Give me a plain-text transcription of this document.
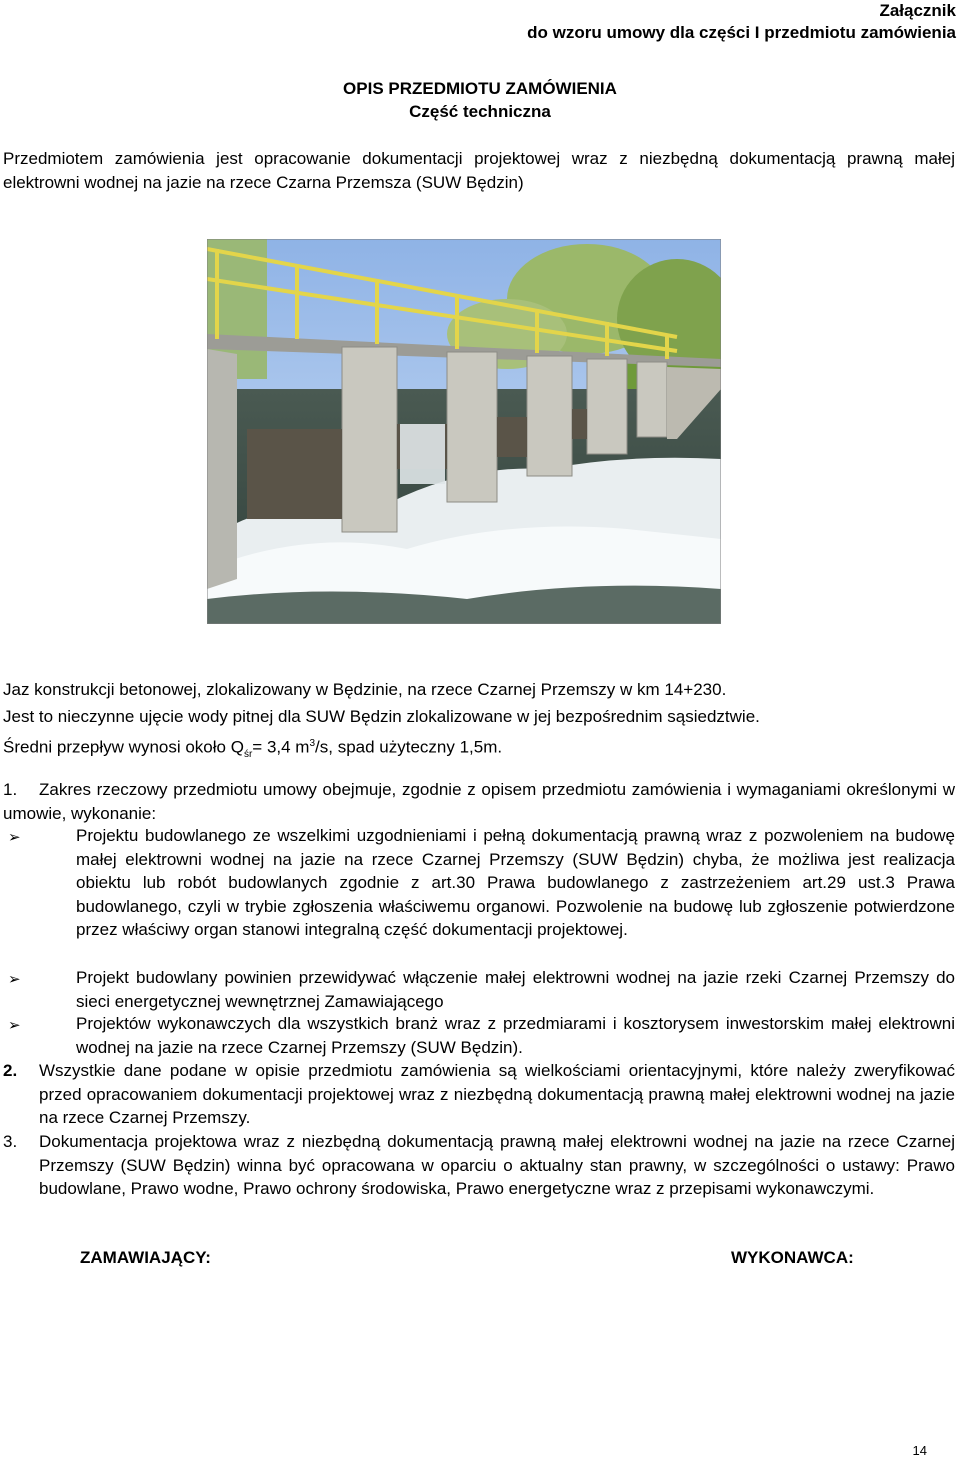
Załącznik
do wzoru umowy dla części I przedmiotu zamówienia
OPIS PRZEDMIOTU ZAMÓWIENIA
Część techniczna
Przedmiotem zamówienia jest opracowanie dokumentacji projektowej wraz z niezbędną dokumentacją prawną małej elektrowni wodnej na jazie na rzece Czarna Przemsza (SUW Będzin)
Jaz konstrukcji betonowej, zlokalizowany w Będzinie, na rzece Czarnej Przemszy w km 14+230.
Jest to nieczynne ujęcie wody pitnej dla SUW Będzin zlokalizowane w jej bezpośrednim sąsiedztwie.
Średni przepływ wynosi około $Q_{śr}= 3,4$ $m^3/s$, spad użyteczny 1,5m.
1. Zakres rzeczowy przedmiotu umowy obejmuje, zgodnie z opisem przedmiotu zamówienia i wymaganiami określonymi w umowie, wykonanie:
➢	Projektu budowlanego ze wszelkimi uzgodnieniami i pełną dokumentacją prawną wraz z pozwoleniem na budowę małej elektrowni wodnej na jazie na rzece Czarnej Przemszy (SUW Będzin) chyba, że możliwa jest realizacja obiektu lub robót budowlanych zgodnie z art.30 Prawa budowlanego z zastrzeżeniem art.29 ust.3 Prawa budowlanego, czyli w trybie zgłoszenia właściwemu organowi. Pozwolenie na budowę lub zgłoszenie potwierdzone przez właściwy organ stanowi integralną część dokumentacji projektowej.
➢	Projekt budowlany powinien przewidywać włączenie małej elektrowni wodnej na jazie rzeki Czarnej Przemszy do sieci energetycznej wewnętrznej Zamawiającego
➢	Projektów wykonawczych dla wszystkich branż wraz z przedmiarami i kosztorysem inwestorskim małej elektrowni wodnej na jazie na rzece Czarnej Przemszy (SUW Będzin).
2. Wszystkie dane podane w opisie przedmiotu zamówienia są wielkościami orientacyjnymi, które należy zweryfikować przed opracowaniem dokumentacji projektowej wraz z niezbędną dokumentacją prawną małej elektrowni wodnej na jazie na rzece Czarnej Przemszy.
3. Dokumentacja projektowa wraz z niezbędną dokumentacją prawną małej elektrowni wodnej na jazie na rzece Czarnej Przemszy (SUW Będzin) winna być opracowana w oparciu o aktualny stan prawny, w szczególności o ustawy: Prawo budowlane, Prawo wodne, Prawo ochrony środowiska, Prawo energetyczne wraz z przepisami wykonawczymi.
ZAMAWIAJĄCY:	WYKONAWCA:
14
